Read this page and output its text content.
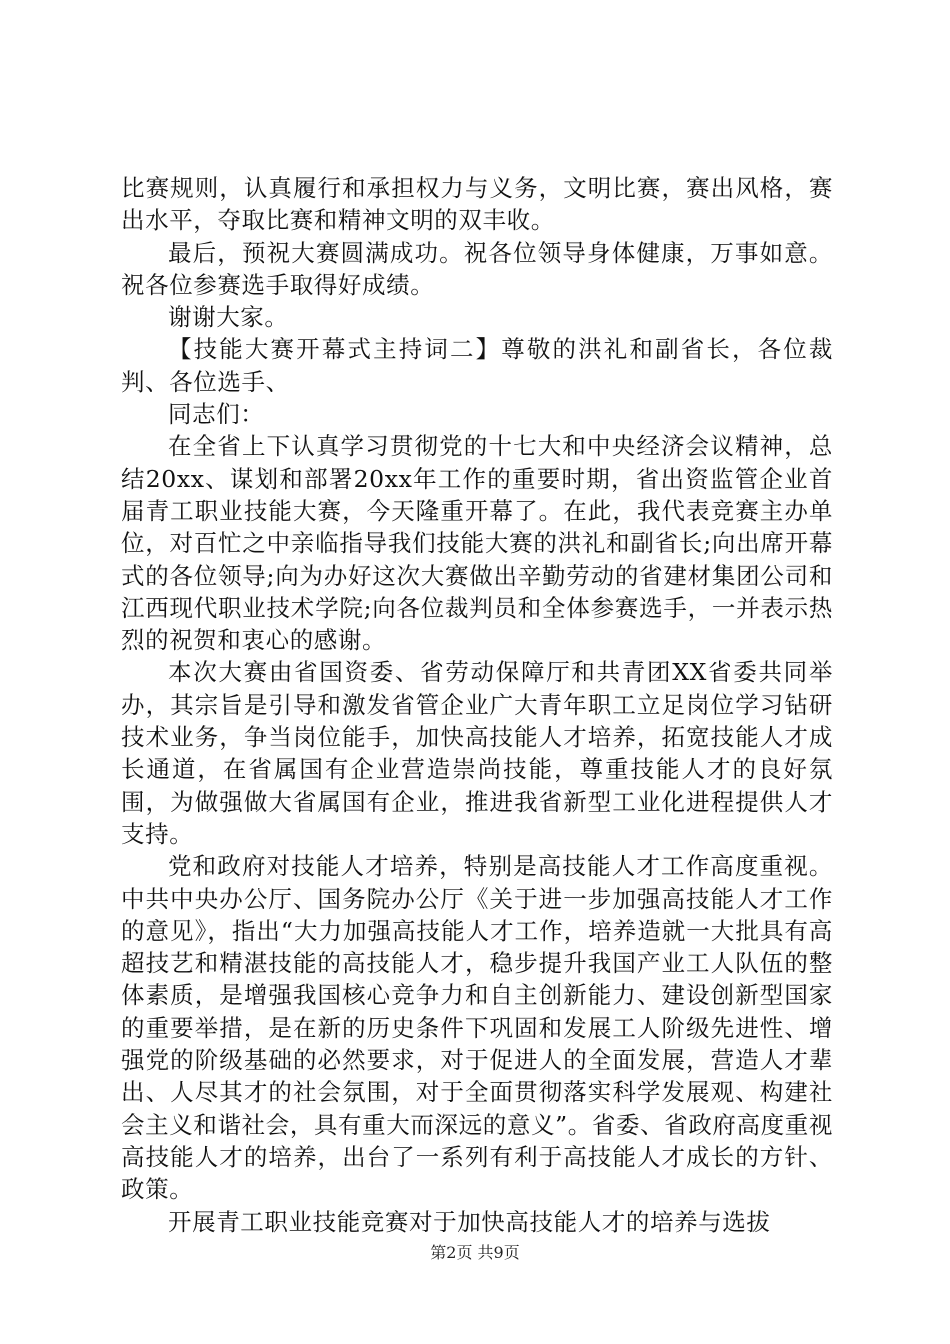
比赛规则，认真履行和承担权力与义务，文明比赛，赛出风格，赛出水平，夺取比赛和精神文明的双丰收。

最后，预祝大赛圆满成功。祝各位领导身体健康，万事如意。祝各位参赛选手取得好成绩。

谢谢大家。

【技能大赛开幕式主持词二】尊敬的洪礼和副省长，各位裁判、各位选手、

同志们：

在全省上下认真学习贯彻党的十七大和中央经济会议精神，总结20xx、谋划和部署20xx年工作的重要时期，省出资监管企业首届青工职业技能大赛，今天隆重开幕了。在此，我代表竞赛主办单位，对百忙之中亲临指导我们技能大赛的洪礼和副省长;向出席开幕式的各位领导;向为办好这次大赛做出辛勤劳动的省建材集团公司和江西现代职业技术学院;向各位裁判员和全体参赛选手，一并表示热烈的祝贺和衷心的感谢。

本次大赛由省国资委、省劳动保障厅和共青团XX省委共同举办，其宗旨是引导和激发省管企业广大青年职工立足岗位学习钻研技术业务，争当岗位能手，加快高技能人才培养，拓宽技能人才成长通道，在省属国有企业营造崇尚技能，尊重技能人才的良好氛围，为做强做大省属国有企业，推进我省新型工业化进程提供人才支持。

党和政府对技能人才培养，特别是高技能人才工作高度重视。中共中央办公厅、国务院办公厅《关于进一步加强高技能人才工作的意见》，指出“大力加强高技能人才工作，培养造就一大批具有高超技艺和精湛技能的高技能人才，稳步提升我国产业工人队伍的整体素质，是增强我国核心竞争力和自主创新能力、建设创新型国家的重要举措，是在新的历史条件下巩固和发展工人阶级先进性、增强党的阶级基础的必然要求，对于促进人的全面发展，营造人才辈出、人尽其才的社会氛围，对于全面贯彻落实科学发展观、构建社会主义和谐社会，具有重大而深远的意义”。省委、省政府高度重视高技能人才的培养，出台了一系列有利于高技能人才成长的方针、政策。

开展青工职业技能竞赛对于加快高技能人才的培养与选拔

第2页 共9页
